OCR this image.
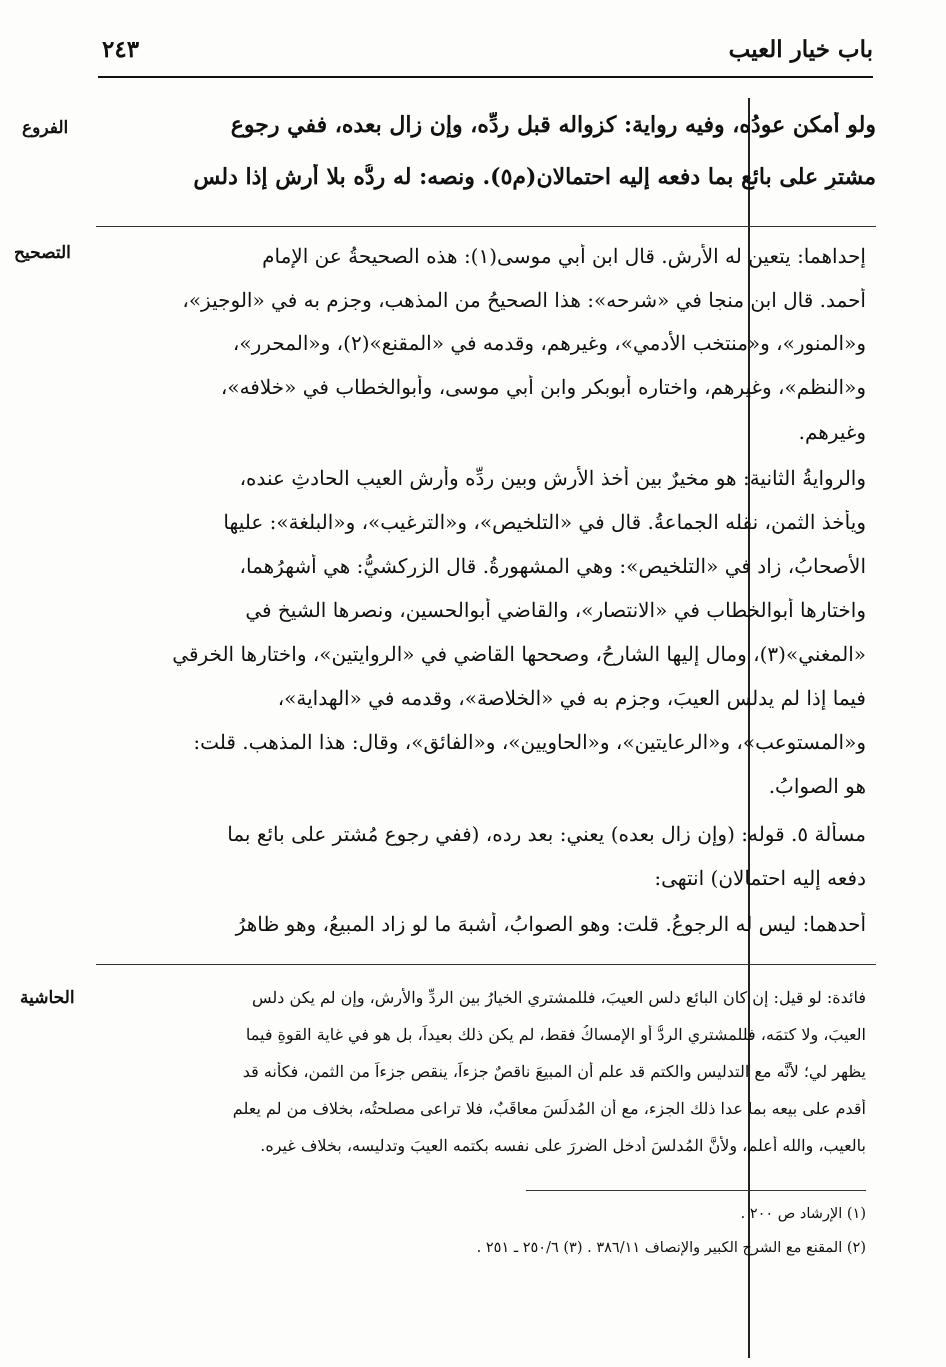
باب خيار العيب
٢٤٣
الفروع
التصحيح
الحاشية
ولو أمكن عودُه، وفيه رواية: كزواله قبل ردِّه، وإن زال بعده، ففي رجوع
مشترٍ على بائع بما دفعه إليه احتمالان(م٥). ونصه: له ردُّه بلا أرش إذا دلس
إحداهما: يتعين له الأرش. قال ابن أبي موسى(١): هذه الصحيحةُ عن الإمام
أحمد. قال ابن منجا في «شرحه»: هذا الصحيحُ من المذهب، وجزم به في «الوجيز»،
و«المنور»، و«منتخب الأدمي»، وغيرهم، وقدمه في «المقنع»(٢)، و«المحرر»،
و«النظم»، وغيرهم، واختاره أبوبكر وابن أبي موسى، وأبوالخطاب في «خلافه»،
وغيرهم.
والروايةُ الثانية: هو مخيرٌ بين أخذ الأرش وبين ردِّه وأرشِ العيبِ الحادثِ عنده،
ويأخذ الثمن، نقله الجماعةُ. قال في «التلخيص»، و«الترغيب»، و«البلغة»: عليها
الأصحابُ، زاد في «التلخيص»: وهي المشهورةُ. قال الزركشيُّ: هي أشهرُهما،
واختارها أبوالخطاب في «الانتصار»، والقاضي أبوالحسين، ونصرها الشيخ في
«المغني»(٣)، ومال إليها الشارحُ، وصححها القاضي في «الروايتين»، واختارها الخرقي
فيما إذا لم يدلس العيبَ، وجزم به في «الخلاصة»، وقدمه في «الهداية»،
و«المستوعب»، و«الرعايتين»، و«الحاويين»، و«الفائق»، وقال: هذا المذهب. قلت:
هو الصوابُ.
مسألة ٥. قوله: (وإن زال بعده) يعني: بعد رده، (ففي رجوعِ مُشترٍ على بائع بما
دفعه إليه احتمالان) انتهى:
أحدهما: ليس له الرجوعُ. قلت: وهو الصوابُ، أشبهَ ما لو زاد المبيعُ، وهو ظاهرُ
فائدة: لو قيل: إن كان البائع دلس العيبَ، فللمشتري الخيارُ بين الردِّ والأرش، وإن لم يكن دلس
العيبَ، ولا كتمَه، فللمشتري الردُّ أو الإمساكُ فقط، لم يكن ذلك بعيداً، بل هو في غاية القوةِ فيما
يظهر لي؛ لأنَّه مع التدليس والكتم قد علم أن المبيعَ ناقصٌ جزءاً، ينقص جزءاً من الثمن، فكأنه قد
أقدم على بيعه بما عدا ذلك الجزء، مع أن المُدلِّسَ معاقَبٌ، فلا تراعى مصلحتُه، بخلاف من لم يعلم
بالعيب، والله أعلم، ولأنَّ المُدلسَ أدخل الضررَ على نفسه بكتمه العيبَ وتدليسه، بخلاف غيره.
(١) الإرشاد ص ٢٠٠ .
(٢) المقنع مع الشرح الكبير والإنصاف ٣٨٦/١١ . (٣) ٢٥٠/٦ ـ ٢٥١ .
